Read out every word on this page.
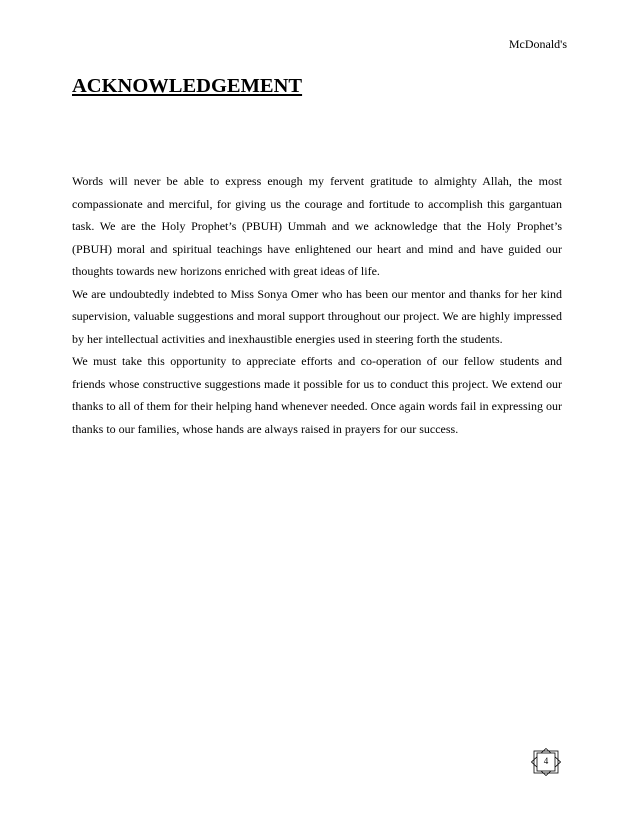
McDonald's
ACKNOWLEDGEMENT

Words will never be able to express enough my fervent gratitude to almighty Allah, the most compassionate and merciful, for giving us the courage and fortitude to accomplish this gargantuan task. We are the Holy Prophet’s (PBUH) Ummah and we acknowledge that the Holy Prophet’s (PBUH) moral and spiritual teachings have enlightened our heart and mind and have guided our thoughts towards new horizons enriched with great ideas of life.

We are undoubtedly indebted to Miss Sonya Omer who has been our mentor and thanks for her kind supervision, valuable suggestions and moral support throughout our project. We are highly impressed by her intellectual activities and inexhaustible energies used in steering forth the students.

We must take this opportunity to appreciate efforts and co-operation of our fellow students and friends whose constructive suggestions made it possible for us to conduct this project. We extend our thanks to all of them for their helping hand whenever needed. Once again words fail in expressing our thanks to our families, whose hands are always raised in prayers for our success.

4
